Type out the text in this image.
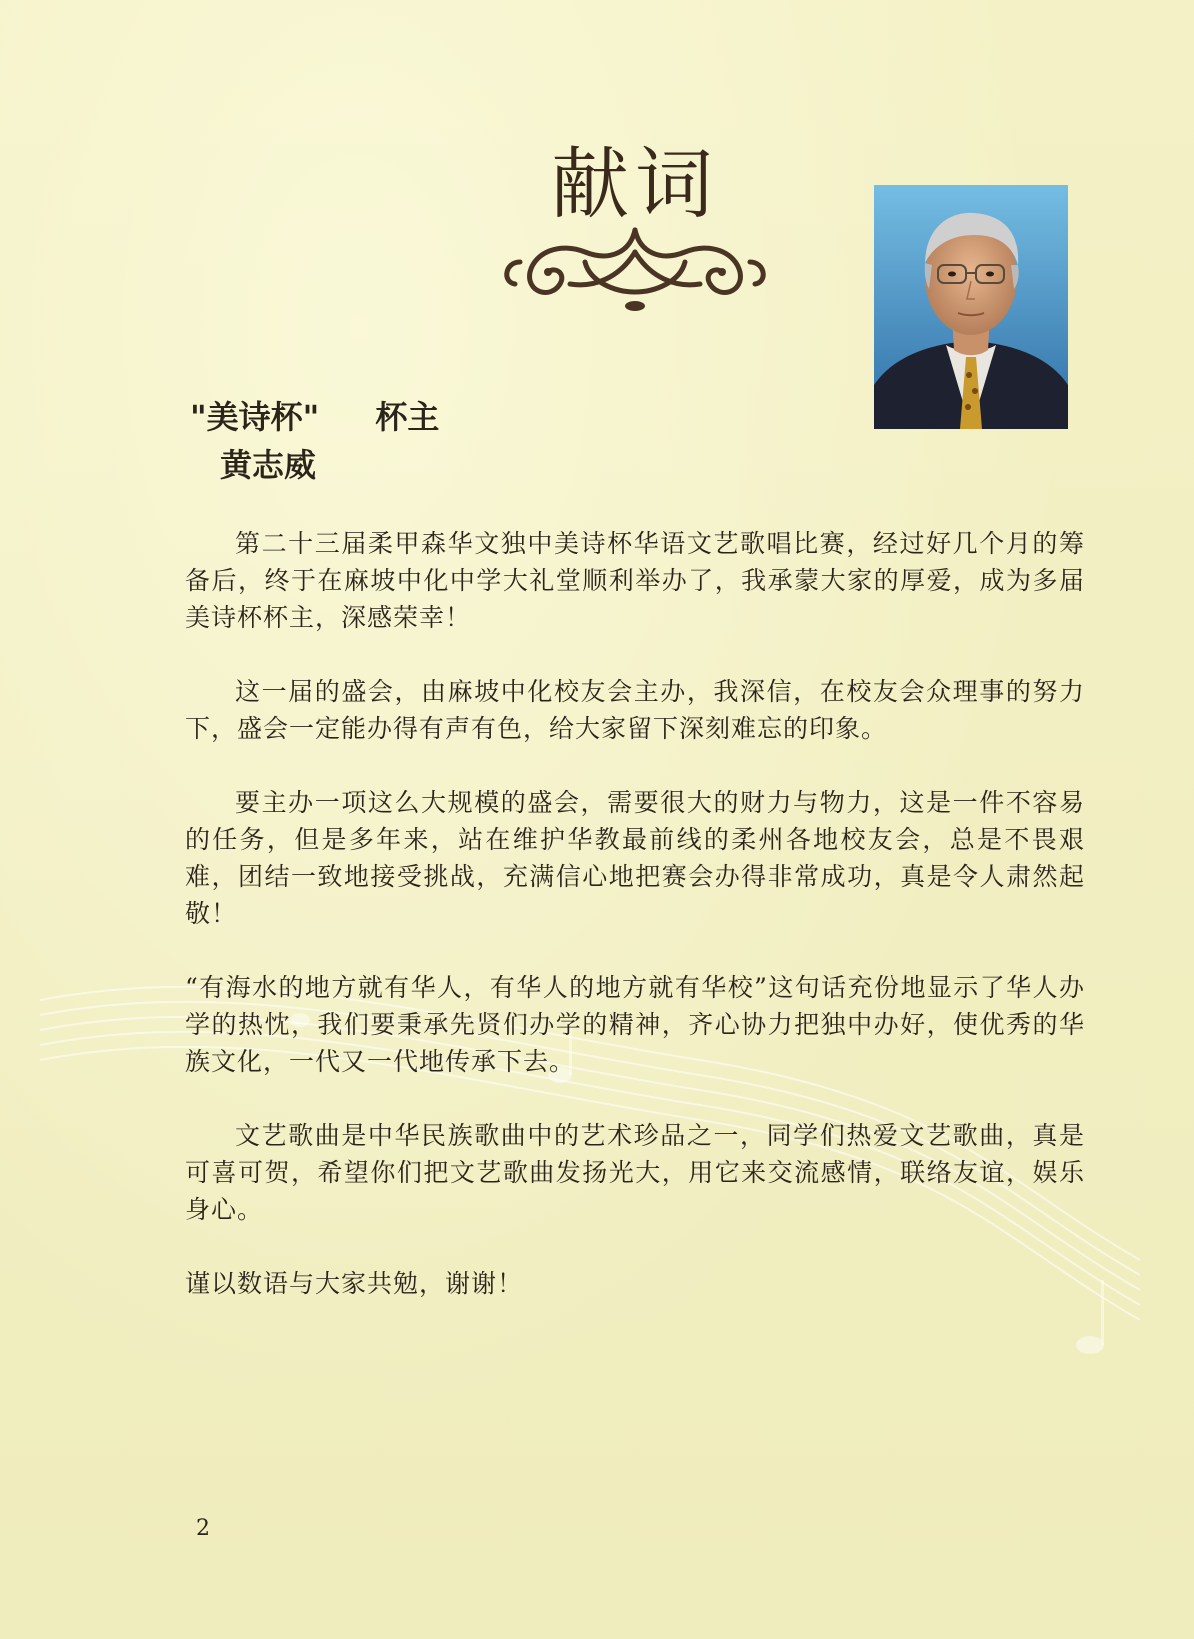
献词
"美诗杯" 杯主
黄志威

第二十三届柔甲森华文独中美诗杯华语文艺歌唱比赛，经过好几个月的筹备后，终于在麻坡中化中学大礼堂顺利举办了，我承蒙大家的厚爱，成为多届美诗杯杯主，深感荣幸！

这一届的盛会，由麻坡中化校友会主办，我深信，在校友会众理事的努力下，盛会一定能办得有声有色，给大家留下深刻难忘的印象。

要主办一项这么大规模的盛会，需要很大的财力与物力，这是一件不容易的任务，但是多年来，站在维护华教最前线的柔州各地校友会，总是不畏艰难，团结一致地接受挑战，充满信心地把赛会办得非常成功，真是令人肃然起敬！

“有海水的地方就有华人，有华人的地方就有华校”这句话充份地显示了华人办学的热忱，我们要秉承先贤们办学的精神，齐心协力把独中办好，使优秀的华族文化，一代又一代地传承下去。

文艺歌曲是中华民族歌曲中的艺术珍品之一，同学们热爱文艺歌曲，真是可喜可贺，希望你们把文艺歌曲发扬光大，用它来交流感情，联络友谊，娱乐身心。

谨以数语与大家共勉，谢谢！

2
